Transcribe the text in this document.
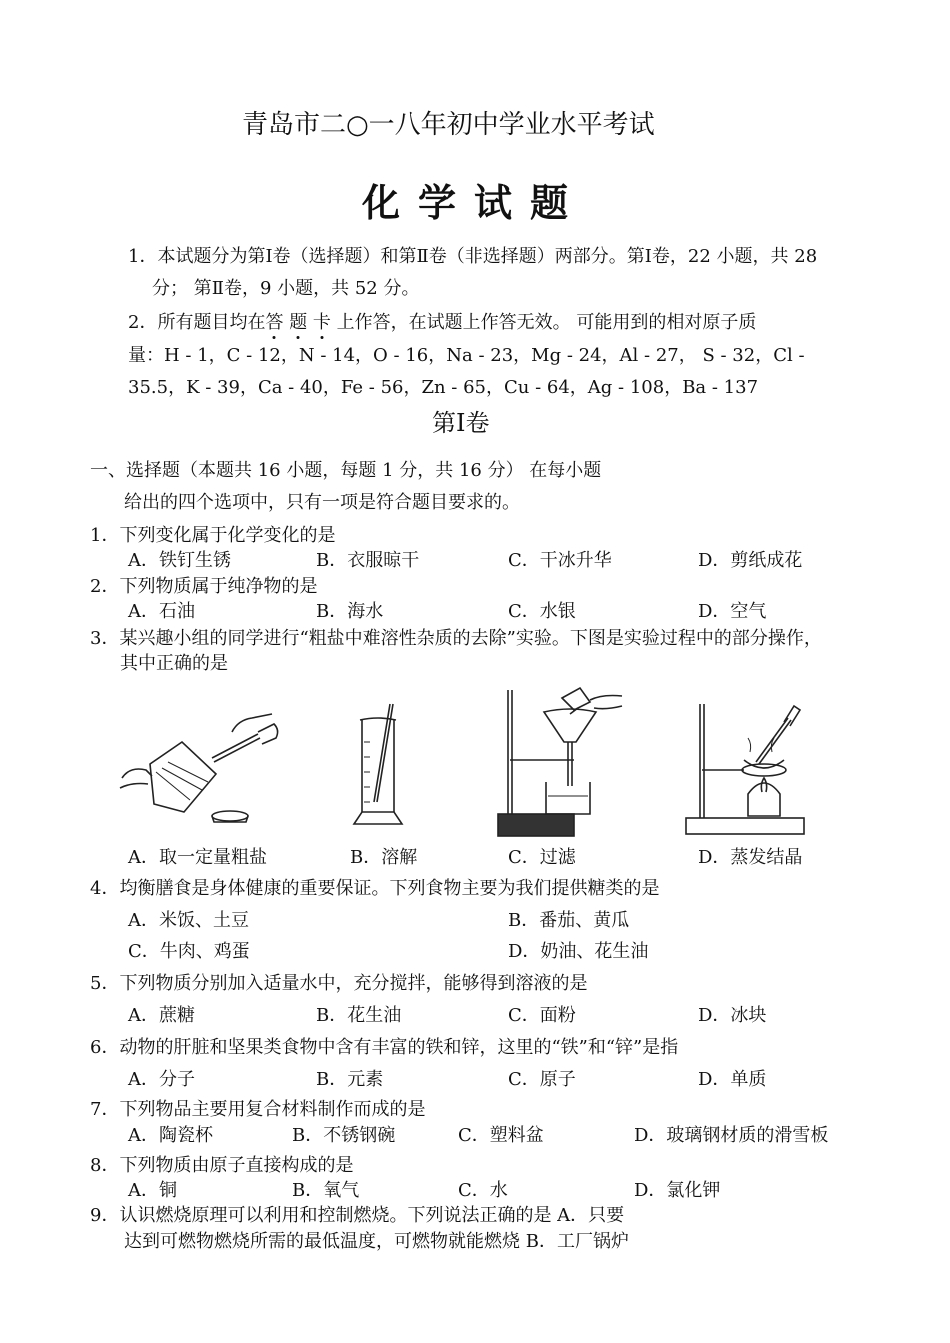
青岛市二○一八年初中学业水平考试
化学试题
1．本试题分为第Ⅰ卷（选择题）和第Ⅱ卷（非选择题）两部分。第Ⅰ卷，22 小题，共 28
分； 第Ⅱ卷，9 小题，共 52 分。
2．所有题目均在答 题 卡 上作答，在试题上作答无效。 可能用到的相对原子质
量：H - 1，C - 12，N - 14，O - 16，Na - 23，Mg - 24，Al - 27， S - 32，Cl -
35.5，K - 39，Ca - 40，Fe - 56，Zn - 65，Cu - 64，Ag - 108，Ba - 137
第Ⅰ卷
一、选择题（本题共 16 小题，每题 1 分，共 16 分） 在每小题
给出的四个选项中，只有一项是符合题目要求的。
1．下列变化属于化学变化的是
A．铁钉生锈	B．衣服晾干	C．干冰升华	D．剪纸成花
2．下列物质属于纯净物的是
A．石油	B．海水	C．水银	D．空气
3．某兴趣小组的同学进行“粗盐中难溶性杂质的去除”实验。下图是实验过程中的部分操作，
其中正确的是
A．取一定量粗盐	B．溶解	C．过滤	D．蒸发结晶
4．均衡膳食是身体健康的重要保证。下列食物主要为我们提供糖类的是
A．米饭、土豆	B．番茄、黄瓜
C．牛肉、鸡蛋	D．奶油、花生油
5．下列物质分别加入适量水中，充分搅拌，能够得到溶液的是
A．蔗糖	B．花生油	C．面粉	D．冰块
6．动物的肝脏和坚果类食物中含有丰富的铁和锌，这里的“铁”和“锌”是指
A．分子	B．元素	C．原子	D．单质
7．下列物品主要用复合材料制作而成的是
A．陶瓷杯	B．不锈钢碗	C．塑料盆	D．玻璃钢材质的滑雪板
8．下列物质由原子直接构成的是
A．铜	B．氧气	C．水	D．氯化钾
9．认识燃烧原理可以利用和控制燃烧。下列说法正确的是 A．只要
达到可燃物燃烧所需的最低温度，可燃物就能燃烧 B．工厂锅炉
